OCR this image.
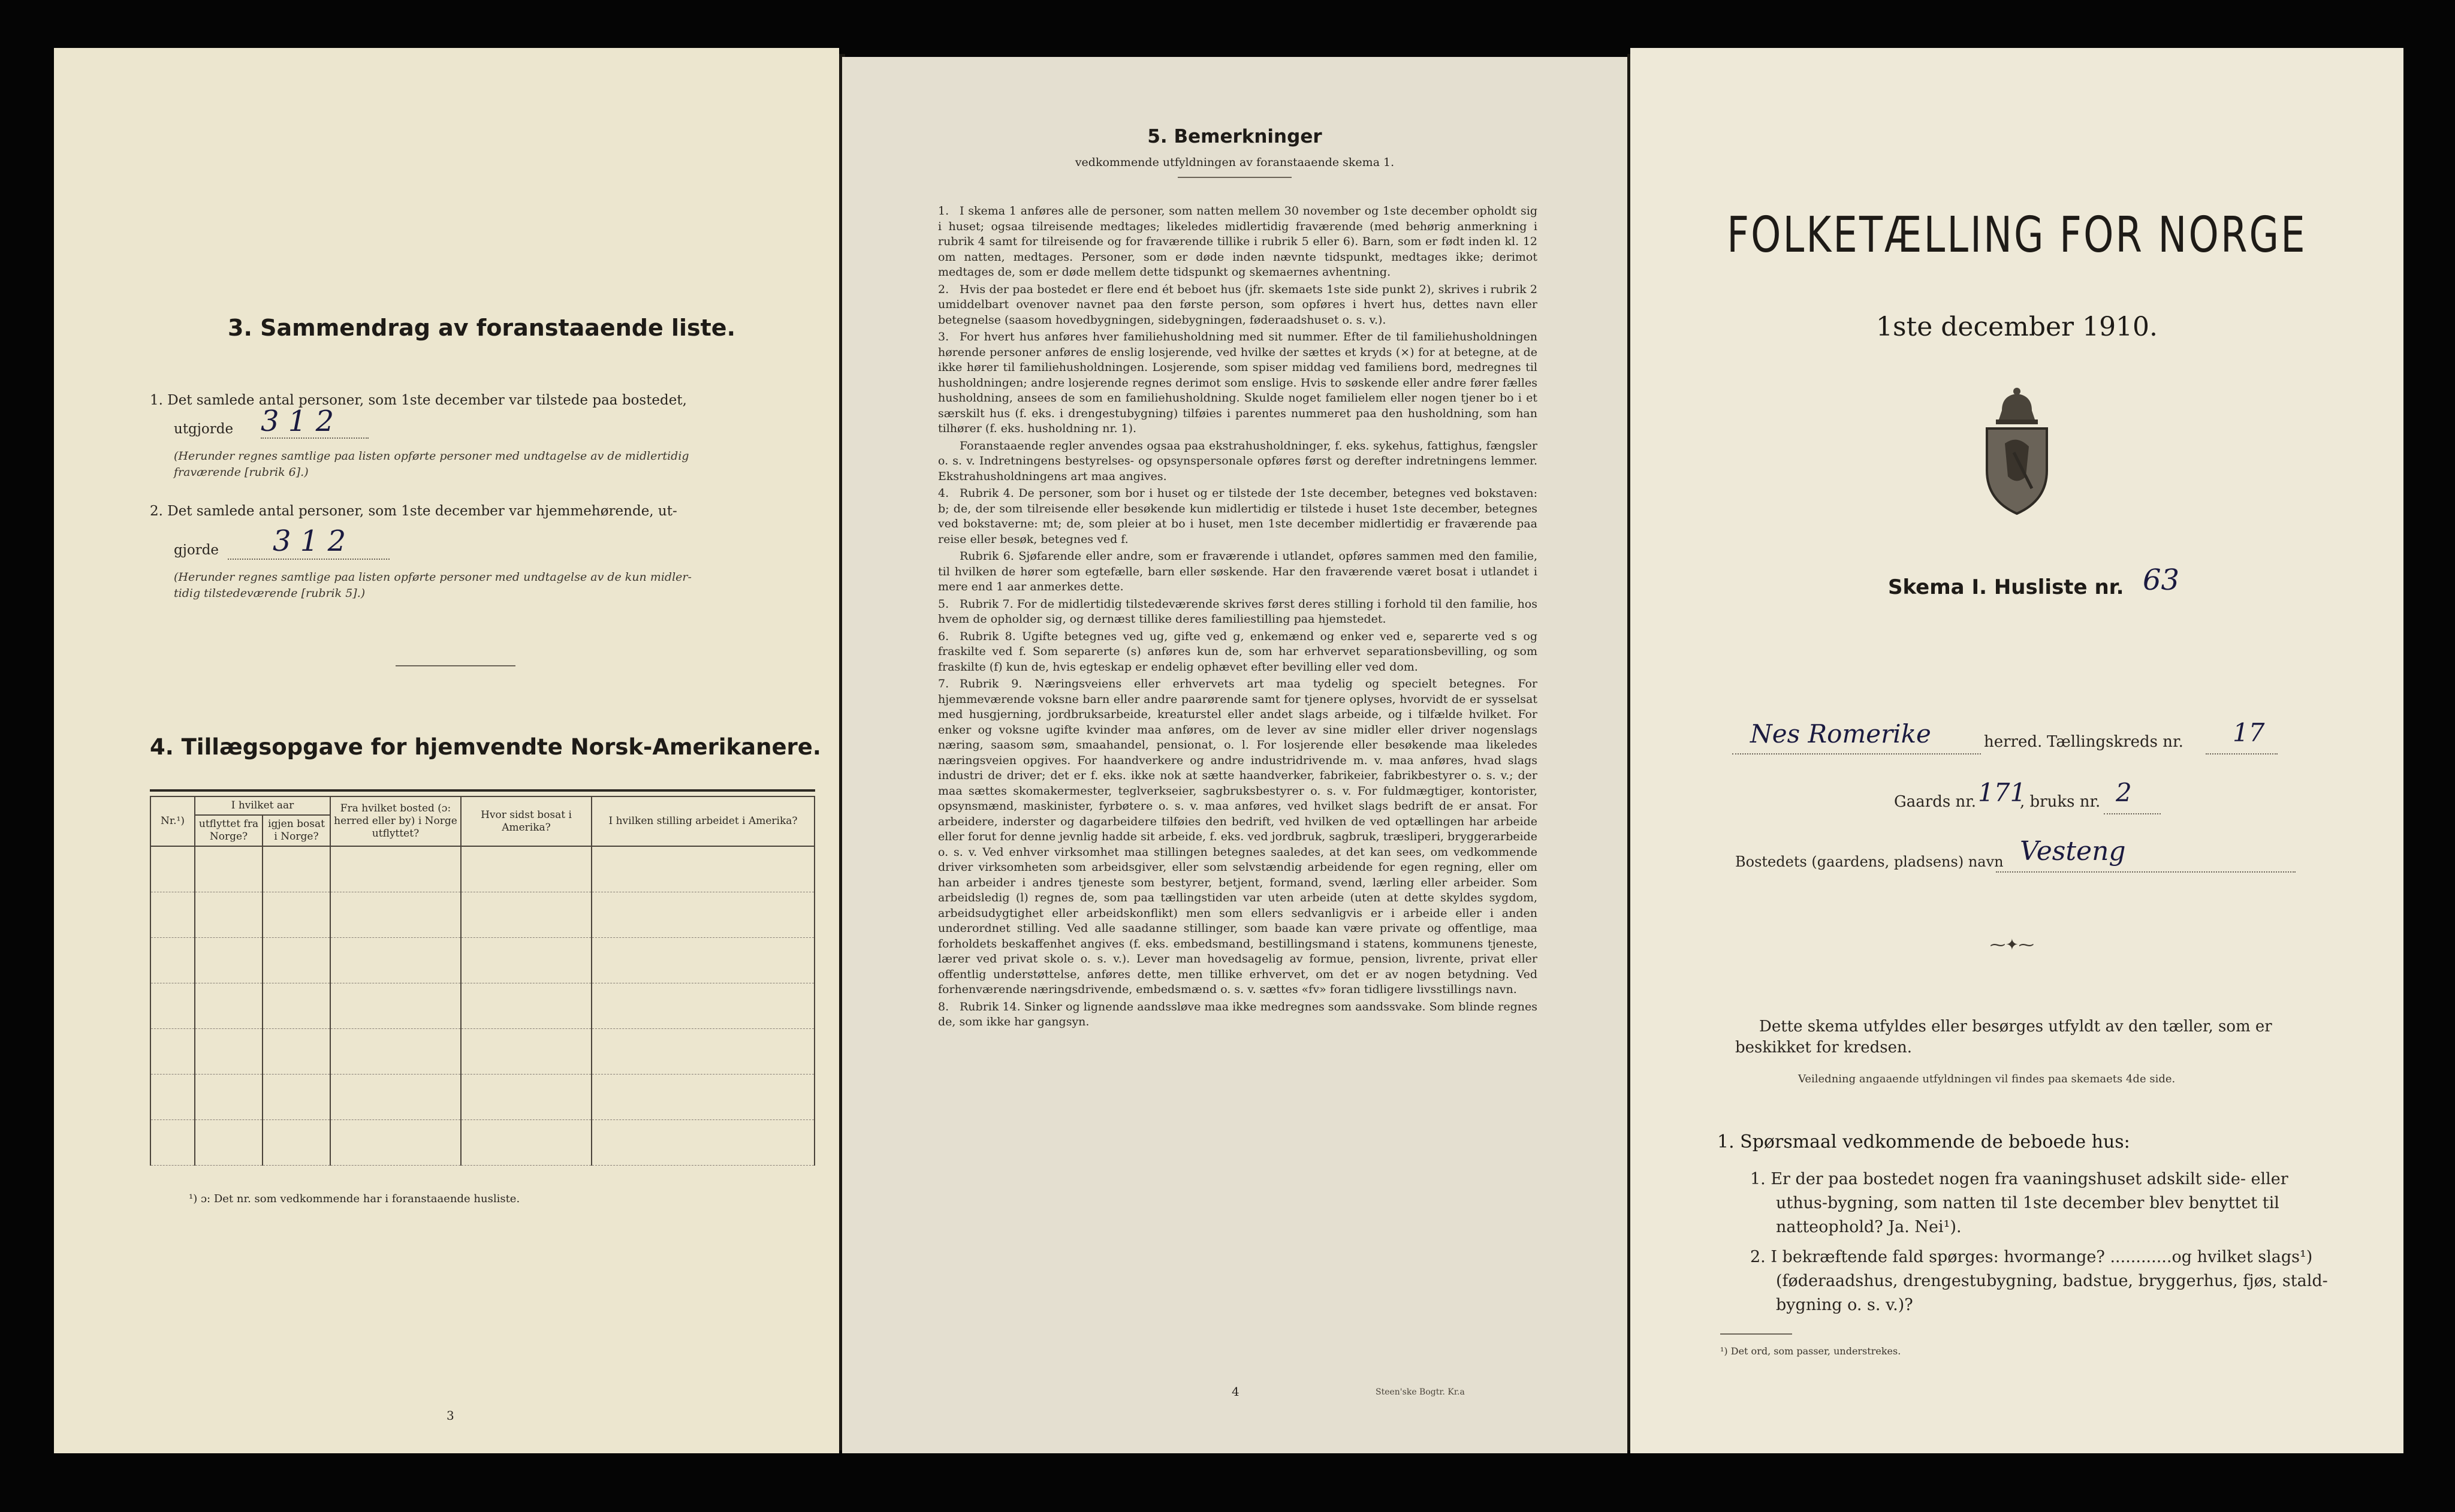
3. Sammendrag av foranstaaende liste.
1. Det samlede antal personer, som 1ste december var tilstede paa bostedet,
utgjorde 3 1 2
(Herunder regnes samtlige paa listen opførte personer med undtagelse av de midlertidig
fraværende [rubrik 6].)
2. Det samlede antal personer, som 1ste december var hjemmehørende, ut-
gjorde 3 1 2
(Herunder regnes samtlige paa listen opførte personer med undtagelse av de kun midler-
tidig tilstedeværende [rubrik 5].)
4. Tillægsopgave for hjemvendte Norsk-Amerikanere.
Nr.¹)	I hvilket aar		Fra hvilket bosted (ɔ: herred eller by) i Norge utflyttet?	Hvor sidst bosat i Amerika?	I hvilken stilling arbeidet i Amerika?
	utflyttet fra Norge?	igjen bosat i Norge?			

¹) ɔ: Det nr. som vedkommende har i foranstaaende husliste.
3
5. Bemerkninger
vedkommende utfyldningen av foranstaaende skema 1.

1. I skema 1 anføres alle de personer, som natten mellem 30 november og 1ste december opholdt sig i huset; ogsaa tilreisende medtages; likeledes midlertidig fraværende (med behørig anmerkning i rubrik 4 samt for tilreisende og for fraværende tillike i rubrik 5 eller 6). Barn, som er født inden kl. 12 om natten, medtages. Personer, som er døde inden nævnte tidspunkt, medtages ikke; derimot medtages de, som er døde mellem dette tidspunkt og skemaernes avhentning.

2. Hvis der paa bostedet er flere end ét beboet hus (jfr. skemaets 1ste side punkt 2), skrives i rubrik 2 umiddelbart ovenover navnet paa den første person, som opføres i hvert hus, dettes navn eller betegnelse (saasom hovedbygningen, sidebygningen, føderaadshuset o. s. v.).

3. For hvert hus anføres hver familiehusholdning med sit nummer. Efter de til familiehusholdningen hørende personer anføres de enslig losjerende, ved hvilke der sættes et kryds (×) for at betegne, at de ikke hører til familiehusholdningen. Losjerende, som spiser middag ved familiens bord, medregnes til husholdningen; andre losjerende regnes derimot som enslige. Hvis to søskende eller andre fører fælles husholdning, ansees de som en familiehusholdning. Skulde noget familielem eller nogen tjener bo i et særskilt hus (f. eks. i drengestubygning) tilføies i parentes nummeret paa den husholdning, som han tilhører (f. eks. husholdning nr. 1).

Foranstaaende regler anvendes ogsaa paa ekstrahusholdninger, f. eks. sykehus, fattighus, fængsler o. s. v. Indretningens bestyrelses- og opsynspersonale opføres først og derefter indretningens lemmer. Ekstrahusholdningens art maa angives.

4. Rubrik 4. De personer, som bor i huset og er tilstede der 1ste december, betegnes ved bokstaven: b; de, der som tilreisende eller besøkende kun midlertidig er tilstede i huset 1ste december, betegnes ved bokstaverne: mt; de, som pleier at bo i huset, men 1ste december midlertidig er fraværende paa reise eller besøk, betegnes ved f.

Rubrik 6. Sjøfarende eller andre, som er fraværende i utlandet, opføres sammen med den familie, til hvilken de hører som egtefælle, barn eller søskende. Har den fraværende været bosat i utlandet i mere end 1 aar anmerkes dette.

5. Rubrik 7. For de midlertidig tilstedeværende skrives først deres stilling i forhold til den familie, hos hvem de opholder sig, og dernæst tillike deres familiestilling paa hjemstedet.

6. Rubrik 8. Ugifte betegnes ved ug, gifte ved g, enkemænd og enker ved e, separerte ved s og fraskilte ved f. Som separerte (s) anføres kun de, som har erhvervet separationsbevilling, og som fraskilte (f) kun de, hvis egteskap er endelig ophævet efter bevilling eller ved dom.

7. Rubrik 9. Næringsveiens eller erhvervets art maa tydelig og specielt betegnes. For hjemmeværende voksne barn eller andre paarørende samt for tjenere oplyses, hvorvidt de er sysselsat med husgjerning, jordbruksarbeide, kreaturstel eller andet slags arbeide, og i tilfælde hvilket. For enker og voksne ugifte kvinder maa anføres, om de lever av sine midler eller driver nogenslags næring, saasom søm, smaahandel, pensionat, o. l. For losjerende eller besøkende maa likeledes næringsveien opgives. For haandverkere og andre industridrivende m. v. maa anføres, hvad slags industri de driver; det er f. eks. ikke nok at sætte haandverker, fabrikeier, fabrikbestyrer o. s. v.; der maa sættes skomakermester, teglverkseier, sagbruksbestyrer o. s. v. For fuldmægtiger, kontorister, opsynsmænd, maskinister, fyrbøtere o. s. v. maa anføres, ved hvilket slags bedrift de er ansat. For arbeidere, inderster og dagarbeidere tilføies den bedrift, ved hvilken de ved optællingen har arbeide eller forut for denne jevnlig hadde sit arbeide, f. eks. ved jordbruk, sagbruk, træsliperi, bryggerarbeide o. s. v. Ved enhver virksomhet maa stillingen betegnes saaledes, at det kan sees, om vedkommende driver virksomheten som arbeidsgiver, eller som selvstændig arbeidende for egen regning, eller om han arbeider i andres tjeneste som bestyrer, betjent, formand, svend, lærling eller arbeider. Som arbeidsledig (l) regnes de, som paa tællingstiden var uten arbeide (uten at dette skyldes sygdom, arbeidsudygtighet eller arbeidskonflikt) men som ellers sedvanligvis er i arbeide eller i anden underordnet stilling. Ved alle saadanne stillinger, som baade kan være private og offentlige, maa forholdets beskaffenhet angives (f. eks. embedsmand, bestillingsmand i statens, kommunens tjeneste, lærer ved privat skole o. s. v.). Lever man hovedsagelig av formue, pension, livrente, privat eller offentlig understøttelse, anføres dette, men tillike erhvervet, om det er av nogen betydning. Ved forhenværende næringsdrivende, embedsmænd o. s. v. sættes «fv» foran tidligere livsstillings navn.

8. Rubrik 14. Sinker og lignende aandssløve maa ikke medregnes som aandssvake. Som blinde regnes de, som ikke har gangsyn.

4	Steen'ske Bogtr. Kr.a
FOLKETÆLLING FOR NORGE
1ste december 1910.
Skema I. Husliste nr. 63
Nes Romerike	herred. Tællingskreds nr. 17
Gaards nr. 171
, bruks nr. 2
Bostedets (gaardens, pladsens) navn Vesteng
⁓✦⁓
Dette skema utfyldes eller besørges utfyldt av den tæller, som er
beskikket for kredsen.
Veiledning angaaende utfyldningen vil findes paa skemaets 4de side.
1. Spørsmaal vedkommende de beboede hus:
1. Er der paa bostedet nogen fra vaaningshuset adskilt side- eller
uthus-bygning, som natten til 1ste december blev benyttet til
natteophold? Ja. Nei¹).
2. I bekræftende fald spørges: hvormange? ............og hvilket slags¹)
(føderaadshus, drengestubygning, badstue, bryggerhus, fjøs, stald-
bygning o. s. v.)?
¹) Det ord, som passer, understrekes.
